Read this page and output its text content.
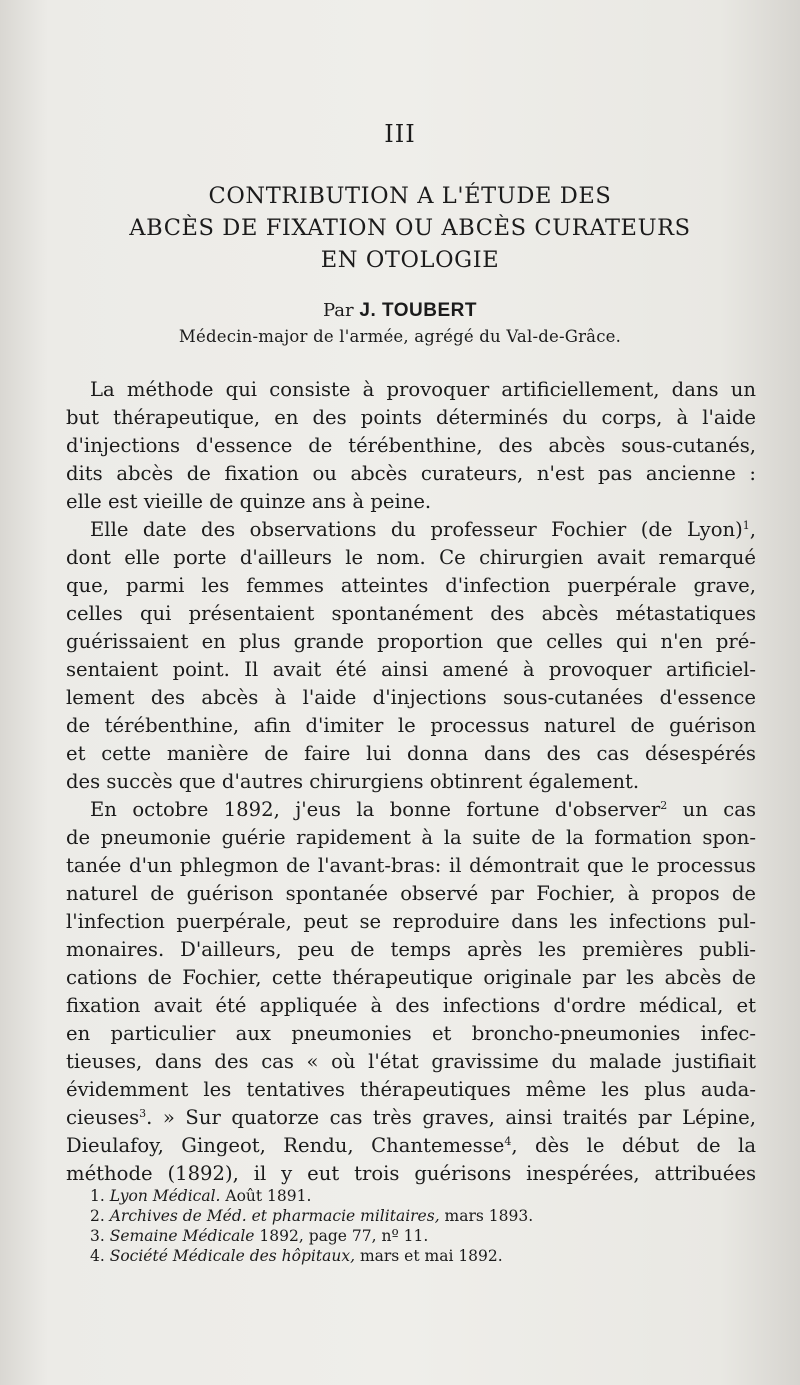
III
CONTRIBUTION A L'ÉTUDE DES
ABCÈS DE FIXATION OU ABCÈS CURATEURS
EN OTOLOGIE
Par J. TOUBERT
Médecin-major de l'armée, agrégé du Val-de-Grâce.
La méthode qui consiste à provoquer artificiellement, dans un
but thérapeutique, en des points déterminés du corps, à l'aide
d'injections d'essence de térébenthine, des abcès sous-cutanés,
dits abcès de fixation ou abcès curateurs, n'est pas ancienne :
elle est vieille de quinze ans à peine.
Elle date des observations du professeur Fochier (de Lyon)$^1$,
dont elle porte d'ailleurs le nom. Ce chirurgien avait remarqué
que, parmi les femmes atteintes d'infection puerpérale grave,
celles qui présentaient spontanément des abcès métastatiques
guérissaient en plus grande proportion que celles qui n'en pré-
sentaient point. Il avait été ainsi amené à provoquer artificiel-
lement des abcès à l'aide d'injections sous-cutanées d'essence
de térébenthine, afin d'imiter le processus naturel de guérison
et cette manière de faire lui donna dans des cas désespérés
des succès que d'autres chirurgiens obtinrent également.
En octobre 1892, j'eus la bonne fortune d'observer$^2$ un cas
de pneumonie guérie rapidement à la suite de la formation spon-
tanée d'un phlegmon de l'avant-bras: il démontrait que le processus
naturel de guérison spontanée observé par Fochier, à propos de
l'infection puerpérale, peut se reproduire dans les infections pul-
monaires. D'ailleurs, peu de temps après les premières publi-
cations de Fochier, cette thérapeutique originale par les abcès de
fixation avait été appliquée à des infections d'ordre médical, et
en particulier aux pneumonies et broncho-pneumonies infec-
tieuses, dans des cas « où l'état gravissime du malade justifiait
évidemment les tentatives thérapeutiques même les plus auda-
cieuses$^3$. » Sur quatorze cas très graves, ainsi traités par Lépine,
Dieulafoy, Gingeot, Rendu, Chantemesse$^4$, dès le début de la
méthode (1892), il y eut trois guérisons inespérées, attribuées
1. Lyon Médical. Août 1891.
2. Archives de Méd. et pharmacie militaires, mars 1893.
3. Semaine Médicale 1892, page 77, nº 11.
4. Société Médicale des hôpitaux, mars et mai 1892.
